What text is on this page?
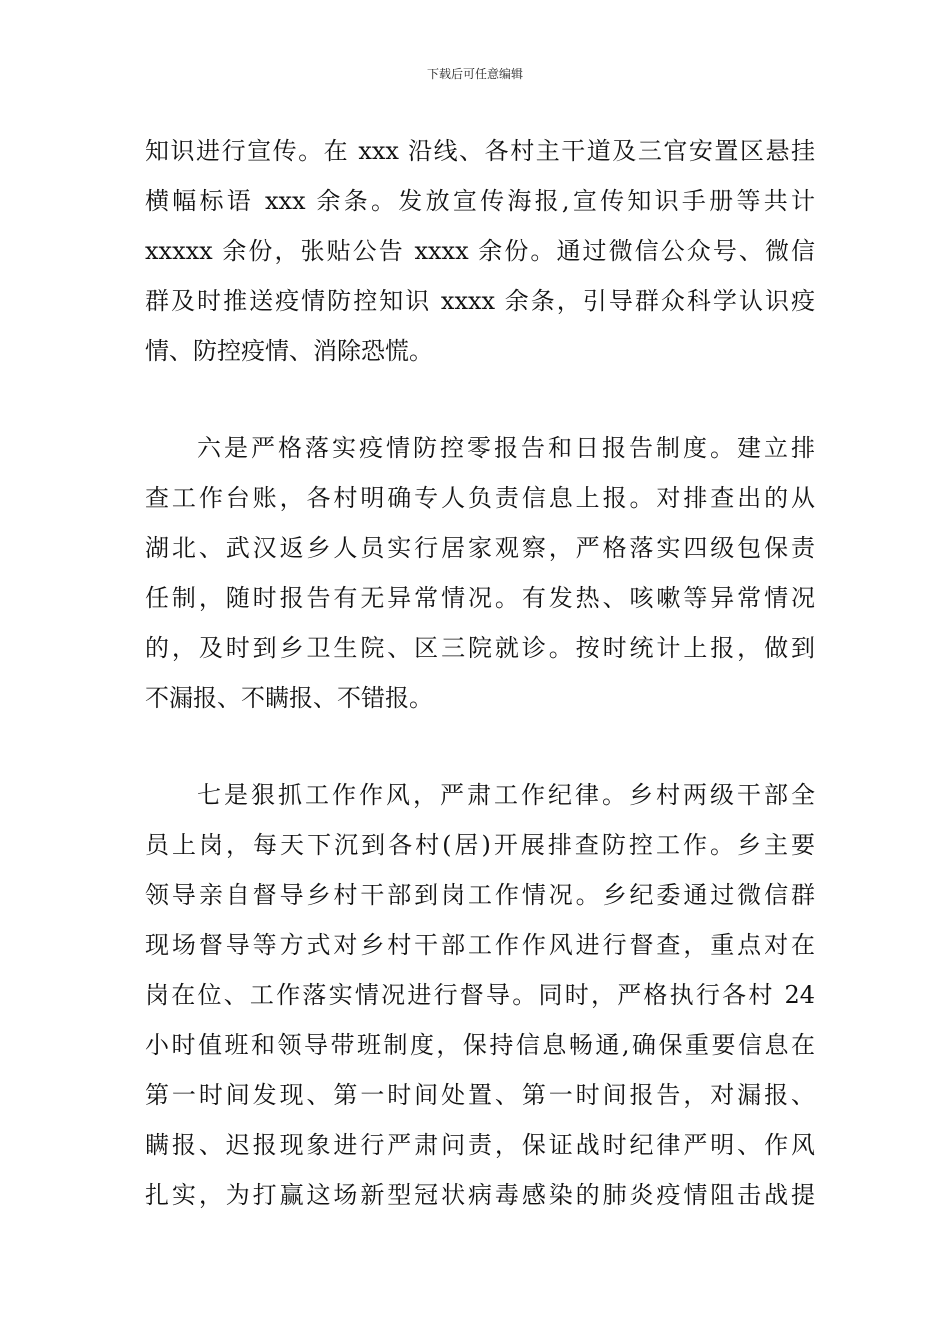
下载后可任意编辑
知识进行宣传。在 xxx 沿线、各村主干道及三官安置区悬挂
横幅标语 xxx 余条。发放宣传海报,宣传知识手册等共计
xxxxx 余份，张贴公告 xxxx 余份。通过微信公众号、微信
群及时推送疫情防控知识 xxxx 余条，引导群众科学认识疫
情、防控疫情、消除恐慌。
六是严格落实疫情防控零报告和日报告制度。建立排
查工作台账，各村明确专人负责信息上报。对排查出的从
湖北、武汉返乡人员实行居家观察，严格落实四级包保责
任制，随时报告有无异常情况。有发热、咳嗽等异常情况
的，及时到乡卫生院、区三院就诊。按时统计上报，做到
不漏报、不瞒报、不错报。
七是狠抓工作作风，严肃工作纪律。乡村两级干部全
员上岗，每天下沉到各村(居)开展排查防控工作。乡主要
领导亲自督导乡村干部到岗工作情况。乡纪委通过微信群
现场督导等方式对乡村干部工作作风进行督查，重点对在
岗在位、工作落实情况进行督导。同时，严格执行各村 24
小时值班和领导带班制度，保持信息畅通,确保重要信息在
第一时间发现、第一时间处置、第一时间报告，对漏报、
瞒报、迟报现象进行严肃问责，保证战时纪律严明、作风
扎实，为打赢这场新型冠状病毒感染的肺炎疫情阻击战提
